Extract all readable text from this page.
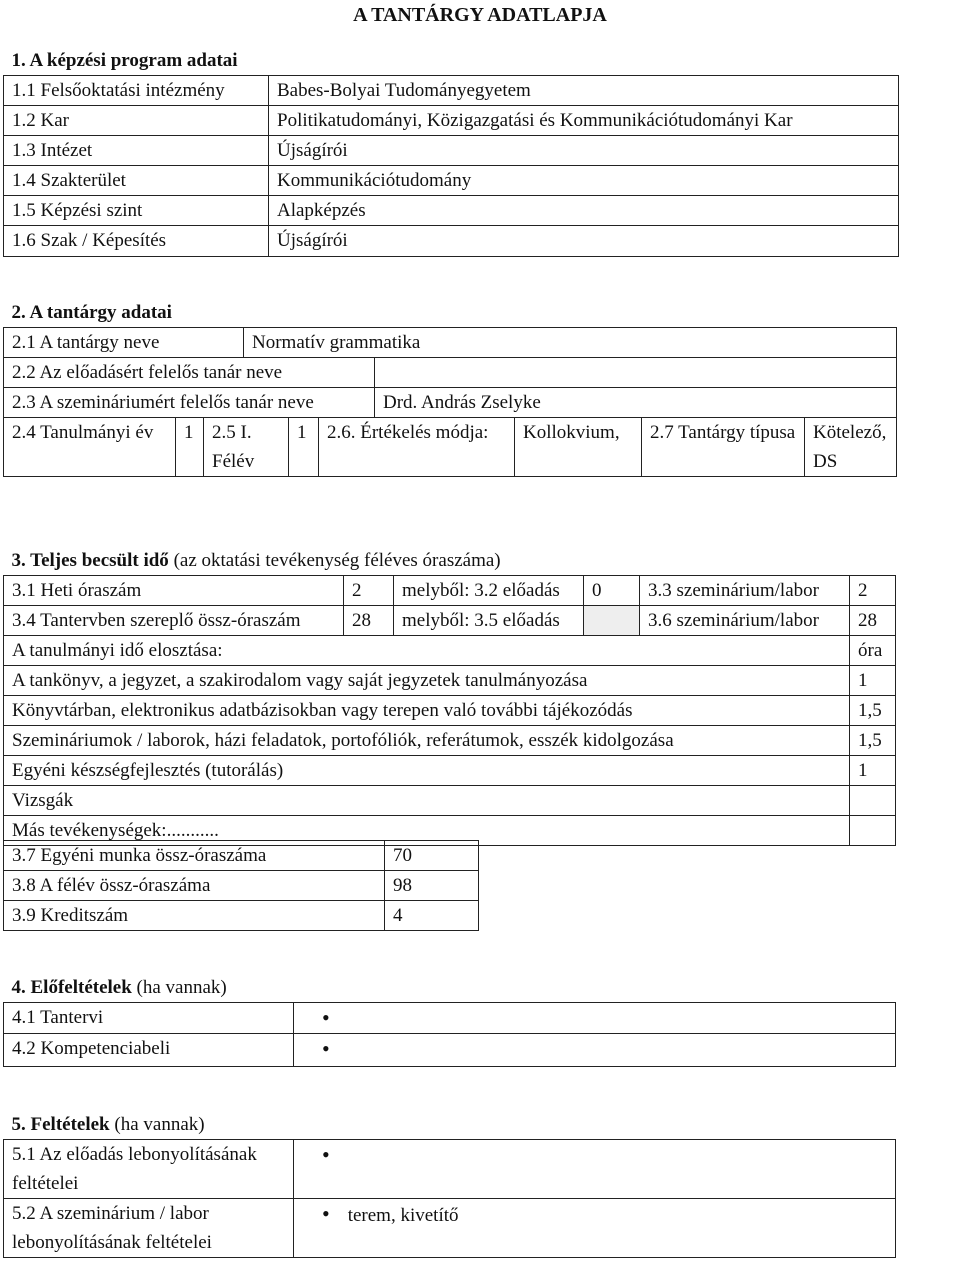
A TANTÁRGY ADATLAPJA
1. A képzési program adatai	
1.1 Felsőoktatási intézmény	Babes-Bolyai Tudományegyetem
1.2 Kar	Politikatudományi, Közigazgatási és Kommunikációtudományi Kar
1.3 Intézet	Újságírói
1.4 Szakterület	Kommunikációtudomány
1.5 Képzési szint	Alapképzés
1.6 Szak / Képesítés	Újságírói
2. A tantárgy adatai									
2.1 A tantárgy neve			Normatív grammatika						
2.2 Az előadásért felelős tanár neve									
2.3 A szemináriumért felelős tanár neve						Drd. András Zselyke			
2.4 Tanulmányi év	1	2.5 I. Félév		1	2.6. Értékelés módja:		Kollokvium,	2.7 Tantárgy típusa	Kötelező, DS
3. Teljes becsült idő (az oktatási tevékenység féléves óraszáma)					
3.1 Heti óraszám	2	melyből: 3.2 előadás	0	3.3 szeminárium/labor	2
3.4 Tantervben szereplő össz-óraszám	28	melyből: 3.5 előadás		3.6 szeminárium/labor	28
A tanulmányi idő elosztása:					óra
A tankönyv, a jegyzet, a szakirodalom vagy saját jegyzetek tanulmányozása					1
Könyvtárban, elektronikus adatbázisokban vagy terepen való további tájékozódás					1,5
Szemináriumok / laborok, házi feladatok, portofóliók, referátumok, esszék kidolgozása					1,5
Egyéni készségfejlesztés (tutorálás)					1
Vizsgák					
Más tevékenységek:...........					
3.7 Egyéni munka össz-óraszáma	70
3.8 A félév össz-óraszáma	98
3.9 Kreditszám	4
4. Előfeltételek (ha vannak)	
4.1 Tantervi	•
4.2 Kompetenciabeli	•
5. Feltételek (ha vannak)	
5.1 Az előadás lebonyolításának feltételei	•
5.2 A szeminárium / labor lebonyolításának feltételei	• terem, kivetítő
